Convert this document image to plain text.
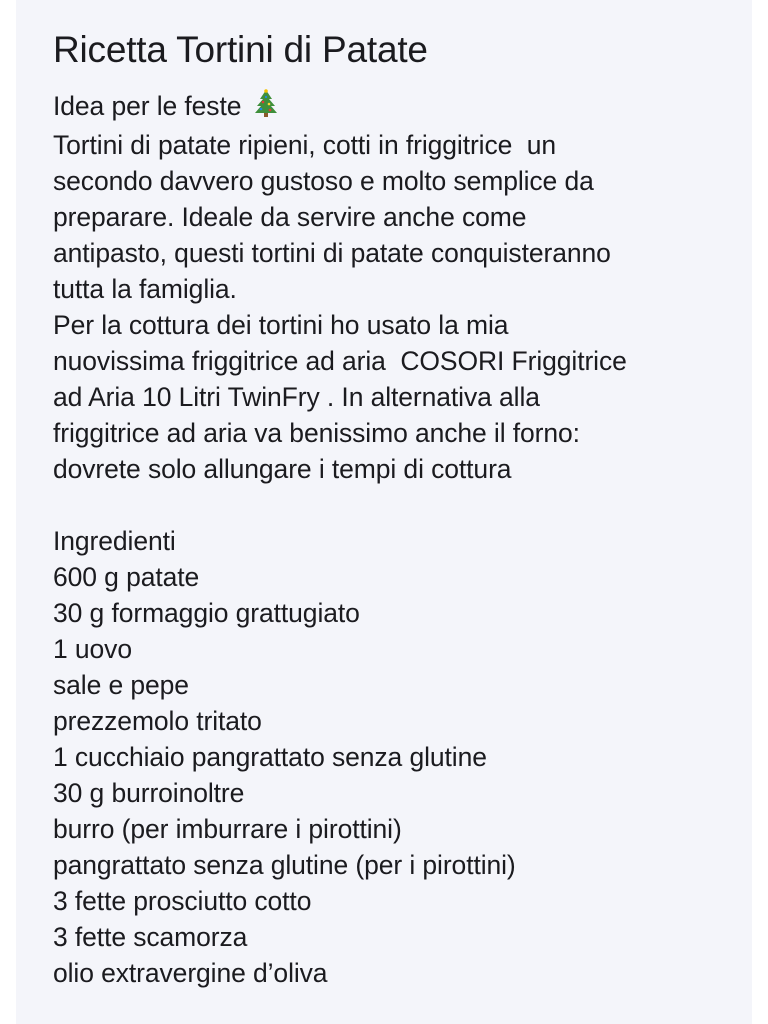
Ricetta Tortini di Patate
Idea per le feste
Tortini di patate ripieni, cotti in friggitrice  un
secondo davvero gustoso e molto semplice da
preparare. Ideale da servire anche come
antipasto, questi tortini di patate conquisteranno
tutta la famiglia.
Per la cottura dei tortini ho usato la mia
nuovissima friggitrice ad aria  COSORI Friggitrice
ad Aria 10 Litri TwinFry . In alternativa alla
friggitrice ad aria va benissimo anche il forno:
dovrete solo allungare i tempi di cottura
Ingredienti
600 g patate
30 g formaggio grattugiato
1 uovo
sale e pepe
prezzemolo tritato
1 cucchiaio pangrattato senza glutine
30 g burroinoltre
burro (per imburrare i pirottini)
pangrattato senza glutine (per i pirottini)
3 fette prosciutto cotto
3 fette scamorza
olio extravergine d’oliva
